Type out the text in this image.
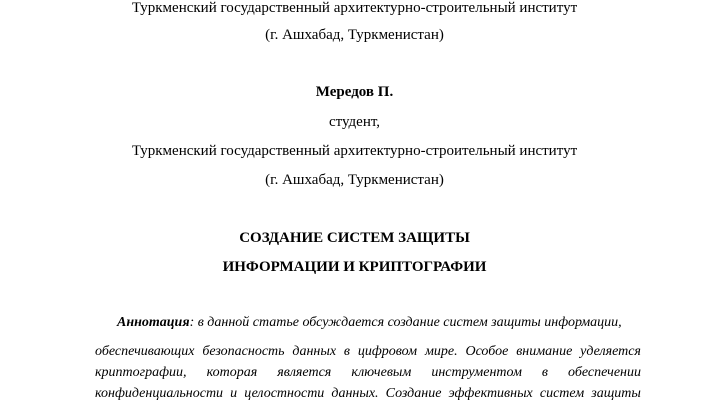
Туркменский государственный архитектурно-строительный институт
(г. Ашхабад, Туркменистан)
Мередов П.
студент,
Туркменский государственный архитектурно-строительный институт
(г. Ашхабад, Туркменистан)
СОЗДАНИЕ СИСТЕМ ЗАЩИТЫ
ИНФОРМАЦИИ И КРИПТОГРАФИИ
Аннотация: в данной статье обсуждается создание систем защиты информации,
обеспечивающих безопасность данных в цифровом мире. Особое внимание уделяется
криптографии, которая является ключевым инструментом в обеспечении
конфиденциальности и целостности данных. Создание эффективных систем защиты
